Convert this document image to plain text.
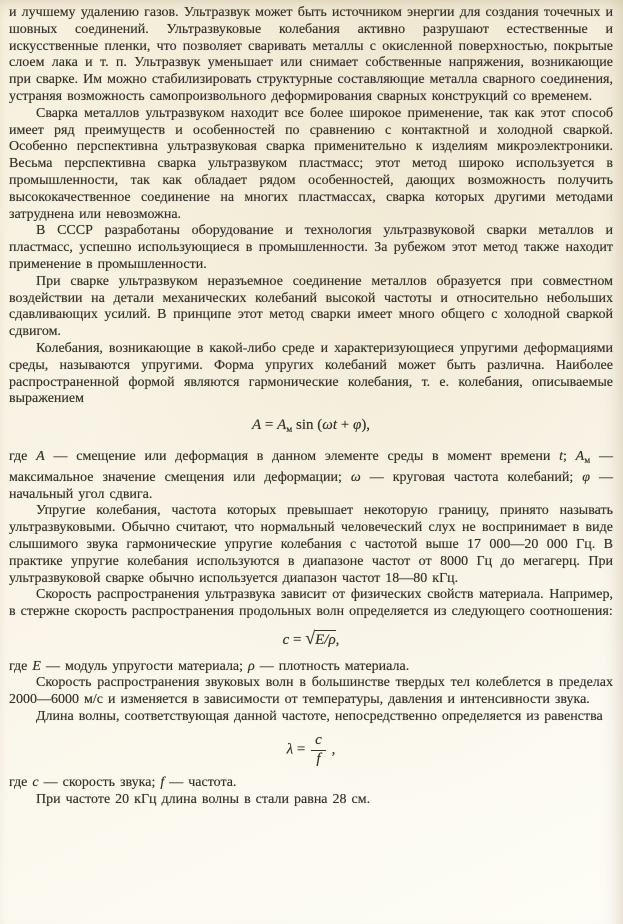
и лучшему удалению газов. Ультразвук может быть источником энергии для создания точечных и шовных соединений. Ультразвуковые колебания активно разрушают естественные и искусственные пленки, что позволяет сваривать металлы с окисленной поверхностью, покрытые слоем лака и т. п. Ультразвук уменьшает или снимает собственные напряжения, возникающие при сварке. Им можно стабилизировать структурные составляющие металла сварного соединения, устраняя возможность самопроизвольного деформирования сварных конструкций со временем.

Сварка металлов ультразвуком находит все более широкое применение, так как этот способ имеет ряд преимуществ и особенностей по сравнению с контактной и холодной сваркой. Особенно перспективна ультразвуковая сварка применительно к изделиям микроэлектроники. Весьма перспективна сварка ультразвуком пластмасс; этот метод широко используется в промышленности, так как обладает рядом особенностей, дающих возможность получить высококачественное соединение на многих пластмассах, сварка которых другими методами затруднена или невозможна.

В СССР разработаны оборудование и технология ультразвуковой сварки металлов и пластмасс, успешно использующиеся в промышленности. За рубежом этот метод также находит применение в промышленности.

При сварке ультразвуком неразъемное соединение металлов образуется при совместном воздействии на детали механических колебаний высокой частоты и относительно небольших сдавливающих усилий. В принципе этот метод сварки имеет много общего с холодной сваркой сдвигом.

Колебания, возникающие в какой-либо среде и характеризующиеся упругими деформациями среды, называются упругими. Форма упругих колебаний может быть различна. Наиболее распространенной формой являются гармонические колебания, т. е. колебания, описываемые выражением

$A = A_м$ sin (ωt + φ),

где A — смещение или деформация в данном элементе среды в момент времени t; $A_м$ — максимальное значение смещения или деформации; ω — круговая частота колебаний; φ — начальный угол сдвига.

Упругие колебания, частота которых превышает некоторую границу, принято называть ультразвуковыми. Обычно считают, что нормальный человеческий слух не воспринимает в виде слышимого звука гармонические упругие колебания с частотой выше 17 000—20 000 Гц. В практике упругие колебания используются в диапазоне частот от 8000 Гц до мегагерц. При ультразвуковой сварке обычно используется диапазон частот 18—80 кГц.

Скорость распространения ультразвука зависит от физических свойств материала. Например, в стержне скорость распространения продольных волн определяется из следующего соотношения:

c = √E/ρ,

где E — модуль упругости материала; ρ — плотность материала.

Скорость распространения звуковых волн в большинстве твердых тел колеблется в пределах 2000—6000 м/с и изменяется в зависимости от температуры, давления и интенсивности звука.

Длина волны, соответствующая данной частоте, непосредственно определяется из равенства

$\lambda = \frac{c}{f}$ ,

где c — скорость звука; f — частота.

При частоте 20 кГц длина волны в стали равна 28 см.
